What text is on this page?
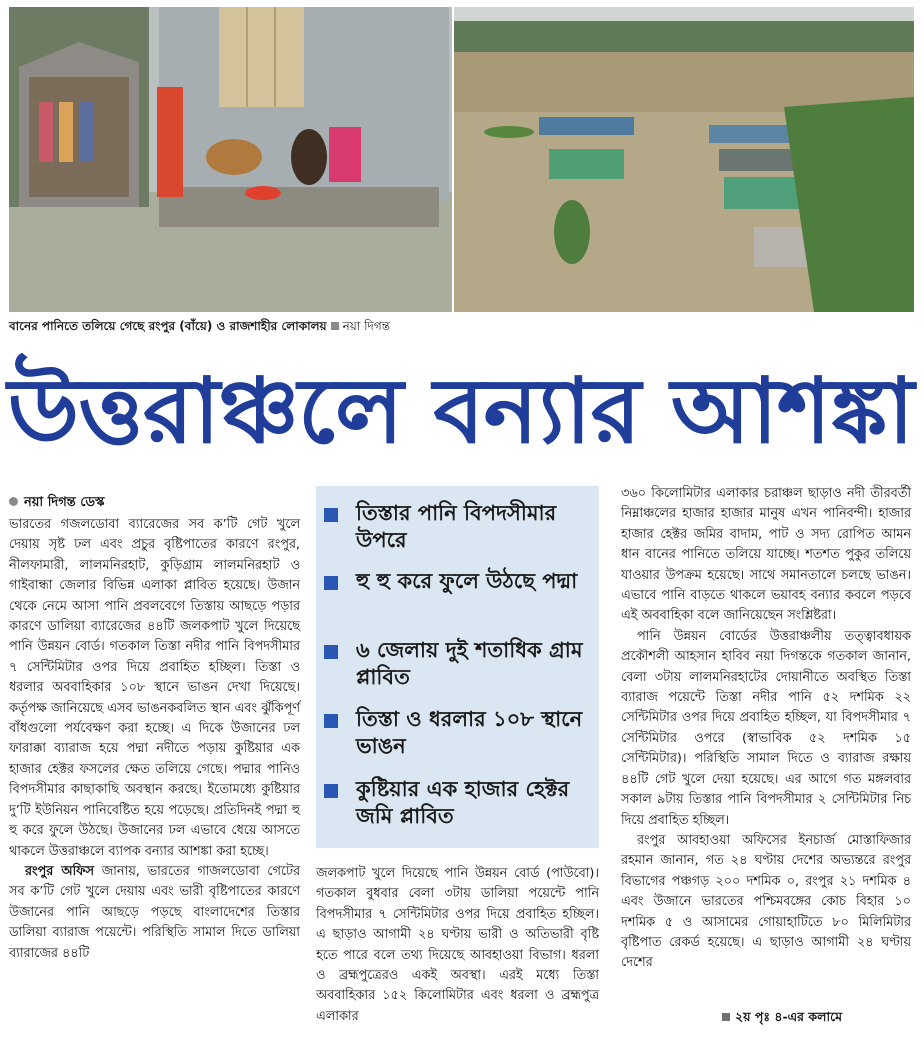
বানের পানিতে তলিয়ে গেছে রংপুর (বাঁয়ে) ও রাজশাহীর লোকালয় নয়া দিগন্ত
উত্তরাঞ্চলে বন্যার আশঙ্কা
নয়া দিগন্ত ডেস্ক

ভারতের গজলডোবা ব্যারেজের সব ক’টি গেট খুলে দেয়ায় সৃষ্ট ঢল এবং প্রচুর বৃষ্টিপাতের কারণে রংপুর, নীলফামারী, লালমনিরহাট, কুড়িগ্রাম লালমনিরহাট ও গাইবান্ধা জেলার বিভিন্ন এলাকা প্লাবিত হয়েছে। উজান থেকে নেমে আসা পানি প্রবলবেগে তিস্তায় আছড়ে পড়ার কারণে ডালিয়া ব্যারেজের ৪৪টি জলকপাট খুলে দিয়েছে পানি উন্নয়ন বোর্ড। গতকাল তিস্তা নদীর পানি বিপদসীমার ৭ সেন্টিমিটার ওপর দিয়ে প্রবাহিত হচ্ছিল। তিস্তা ও ধরলার অববাহিকার ১০৮ স্থানে ভাঙন দেখা দিয়েছে। কর্তৃপক্ষ জানিয়েছে এসব ভাঙনকবলিত স্থান এবং ঝুঁকিপূর্ণ বাঁধগুলো পর্যবেক্ষণ করা হচ্ছে। এ দিকে উজানের ঢল ফারাক্কা ব্যারাজ হয়ে পদ্মা নদীতে পড়ায় কুষ্টিয়ার এক হাজার হেক্টর ফসলের ক্ষেত তলিয়ে গেছে। পদ্মার পানিও বিপদসীমার কাছাকাছি অবস্থান করছে। ইতোমধ্যে কুষ্টিয়ার দু’টি ইউনিয়ন পানিবেষ্টিত হয়ে পড়েছে। প্রতিদিনই পদ্মা হু হু করে ফুলে উঠছে। উজানের ঢল এভাবে ধেয়ে আসতে থাকলে উত্তরাঞ্চলে ব্যাপক বন্যার আশঙ্কা করা হচ্ছে।

রংপুর অফিস জানায়, ভারতের গাজলডোবা গেটের সব ক’টি গেট খুলে দেয়ায় এবং ভারী বৃষ্টিপাতের কারণে উজানের পানি আছড়ে পড়ছে বাংলাদেশের তিস্তার ডালিয়া ব্যারাজ পয়েন্টে। পরিস্থিতি সামাল দিতে ডালিয়া ব্যারাজের ৪৪টি

তিস্তার পানি বিপদসীমার উপরে
হু হু করে ফুলে উঠছে পদ্মা
৬ জেলায় দুই শতাধিক গ্রাম প্লাবিত
তিস্তা ও ধরলার ১০৮ স্থানে ভাঙন
কুষ্টিয়ার এক হাজার হেক্টর জমি প্লাবিত

জলকপাট খুলে দিয়েছে পানি উন্নয়ন বোর্ড (পাউবো)। গতকাল বুধবার বেলা ৩টায় ডালিয়া পয়েন্টে পানি বিপদসীমার ৭ সেন্টিমিটার ওপর দিয়ে প্রবাহিত হচ্ছিল। এ ছাড়াও আগামী ২৪ ঘণ্টায় ভারী ও অতিভারী বৃষ্টি হতে পারে বলে তথ্য দিয়েছে আবহাওয়া বিভাগ। ধরলা ও ব্রহ্মপুত্রেরও একই অবস্থা। এরই মধ্যে তিস্তা অববাহিকার ১৫২ কিলোমিটার এবং ধরলা ও ব্রহ্মপুত্র এলাকার

৩৬০ কিলোমিটার এলাকার চরাঞ্চল ছাড়াও নদী তীরবর্তী নিম্নাঞ্চলের হাজার হাজার মানুষ এখন পানিবন্দী। হাজার হাজার হেক্টর জমির বাদাম, পাট ও সদ্য রোপিত আমন ধান বানের পানিতে তলিয়ে যাচ্ছে। শতশত পুকুর তলিয়ে যাওয়ার উপক্রম হয়েছে। সাথে সমানতালে চলছে ভাঙন। এভাবে পানি বাড়তে থাকলে ভয়াবহ বন্যার কবলে পড়বে এই অববাহিকা বলে জানিয়েছেন সংশ্লিষ্টরা।

পানি উন্নয়ন বোর্ডের উত্তরাঞ্চলীয় তত্ত্বাবধায়ক প্রকৌশলী আহসান হাবিব নয়া দিগন্তকে গতকাল জানান, বেলা ৩টায় লালমনিরহাটের দোয়ানীতে অবস্থিত তিস্তা ব্যারাজ পয়েন্টে তিস্তা নদীর পানি ৫২ দশমিক ২২ সেন্টিমিটার ওপর দিয়ে প্রবাহিত হচ্ছিল, যা বিপদসীমার ৭ সেন্টিমিটার ওপরে (স্বাভাবিক ৫২ দশমিক ১৫ সেন্টিমিটার)। পরিস্থিতি সামাল দিতে ও ব্যারাজ রক্ষায় ৪৪টি গেট খুলে দেয়া হয়েছে। এর আগে গত মঙ্গলবার সকাল ৯টায় তিস্তার পানি বিপদসীমার ২ সেন্টিমিটার নিচ দিয়ে প্রবাহিত হচ্ছিল।

রংপুর আবহাওয়া অফিসের ইনচার্জ মোস্তাফিজার রহমান জানান, গত ২৪ ঘণ্টায় দেশের অভ্যন্তরে রংপুর বিভাগের পঞ্চগড় ২০০ দশমিক ০, রংপুর ২১ দশমিক ৪ এবং উজানে ভারতের পশ্চিমবঙ্গের কোচ বিহার ১০ দশমিক ৫ ও আসামের গোয়াহাটিতে ৮০ মিলিমিটার বৃষ্টিপাত রেকর্ড হয়েছে। এ ছাড়াও আগামী ২৪ ঘণ্টায় দেশের

২য় পৃঃ ৪-এর কলামে
